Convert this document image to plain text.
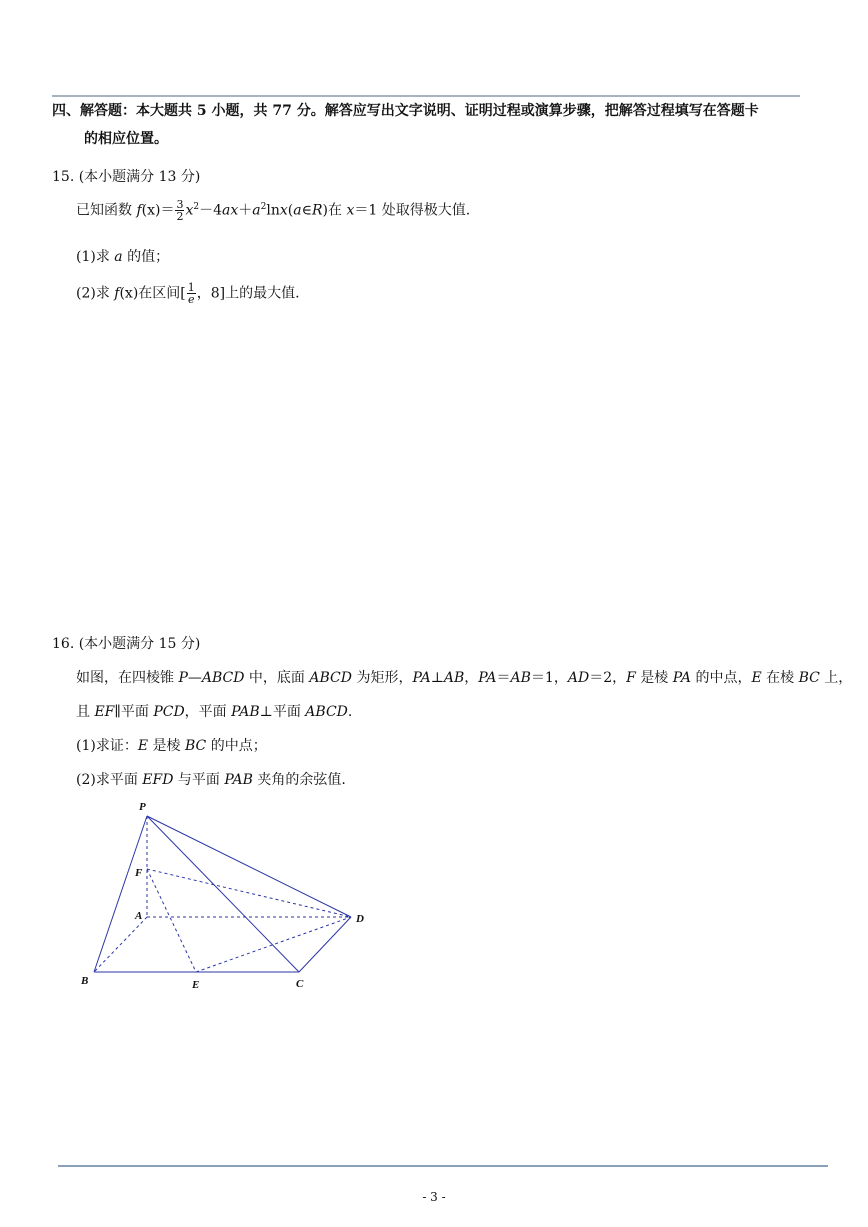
四、解答题：本大题共 5 小题，共 77 分。解答应写出文字说明、证明过程或演算步骤，把解答过程填写在答题卡
的相应位置。
15. (本小题满分 13 分)
已知函数 $f(x)= \frac{3}{2}$ $x^2-4ax+a^2\ln x(a\in R)$在 x＝1 处取得极大值.
(1)求 a 的值；
(2)求 f(x)在区间[ $\frac{1}{e}$，8]上的最大值.
16. (本小题满分 15 分)
如图，在四棱锥 P—ABCD 中，底面 ABCD 为矩形，PA⊥AB，PA＝AB＝1，AD＝2，F 是棱 PA 的中点，E 在棱 BC 上，
且 EF∥平面 PCD，平面 PAB⊥平面 ABCD.
(1)求证：E 是棱 BC 的中点；
(2)求平面 EFD 与平面 PAB 夹角的余弦值.
P
F
A	D
B	E	C
- 3 -
